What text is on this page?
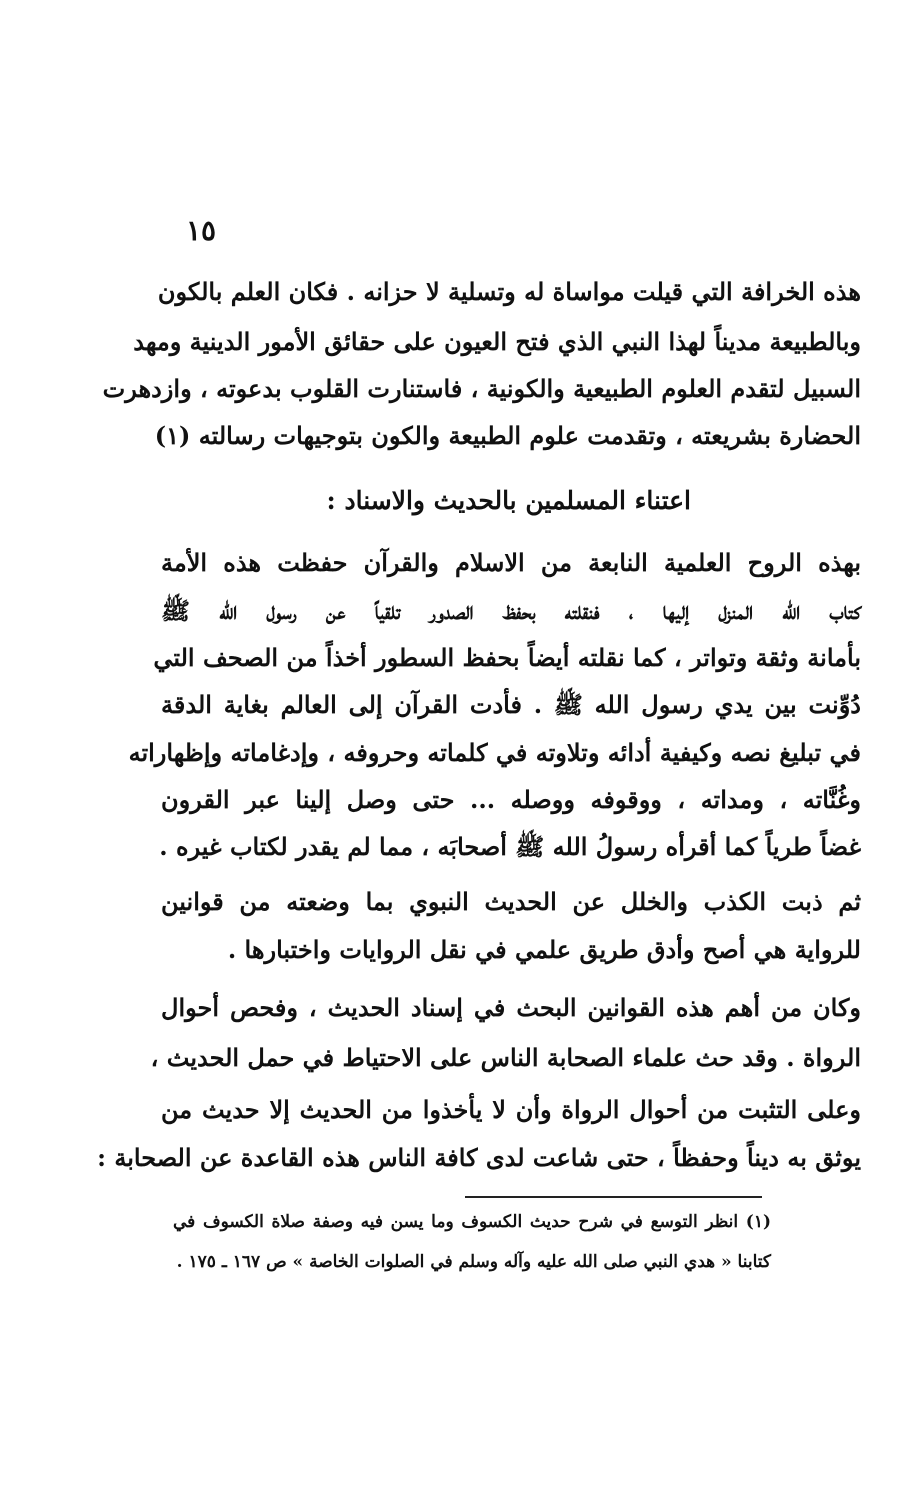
١٥
هذه الخرافة التي قيلت مواساة له وتسلية لا حزانه . فكان العلم بالكون
وبالطبيعة مديناً لهذا النبي الذي فتح العيون على حقائق الأمور الدينية ومهد
السبيل لتقدم العلوم الطبيعية والكونية ، فاستنارت القلوب بدعوته ، وازدهرت
الحضارة بشريعته ، وتقدمت علوم الطبيعة والكون بتوجيهات رسالته (١)
اعتناء المسلمين بالحديث والاسناد :
بهذه الروح العلمية النابعة من الاسلام والقرآن حفظت هذه الأمة
كتاب الله المنزل إليها ، فنقلته بحفظ الصدور تلقياً عن رسول الله ﷺ
بأمانة وثقة وتواتر ، كما نقلته أيضاً بحفظ السطور أخذاً من الصحف التي
دُوِّنت بين يدي رسول الله ﷺ . فأدت القرآن إلى العالم بغاية الدقة
في تبليغ نصه وكيفية أدائه وتلاوته في كلماته وحروفه ، وإدغاماته وإظهاراته
وغُنَّاته ، ومداته ، ووقوفه ووصله ... حتى وصل إلينا عبر القرون
غضاً طرياً كما أقرأه رسولُ الله ﷺ أصحابَه ، مما لم يقدر لكتاب غيره .
ثم ذبت الكذب والخلل عن الحديث النبوي بما وضعته من قوانين
للرواية هي أصح وأدق طريق علمي في نقل الروايات واختبارها .
وكان من أهم هذه القوانين البحث في إسناد الحديث ، وفحص أحوال
الرواة . وقد حث علماء الصحابة الناس على الاحتياط في حمل الحديث ،
وعلى التثبت من أحوال الرواة وأن لا يأخذوا من الحديث إلا حديث من
يوثق به ديناً وحفظاً ، حتى شاعت لدى كافة الناس هذه القاعدة عن الصحابة :
(١) انظر التوسع في شرح حديث الكسوف وما يسن فيه وصفة صلاة الكسوف في
كتابنا « هدي النبي صلى الله عليه وآله وسلم في الصلوات الخاصة » ص ١٦٧ ـ ١٧٥ .
